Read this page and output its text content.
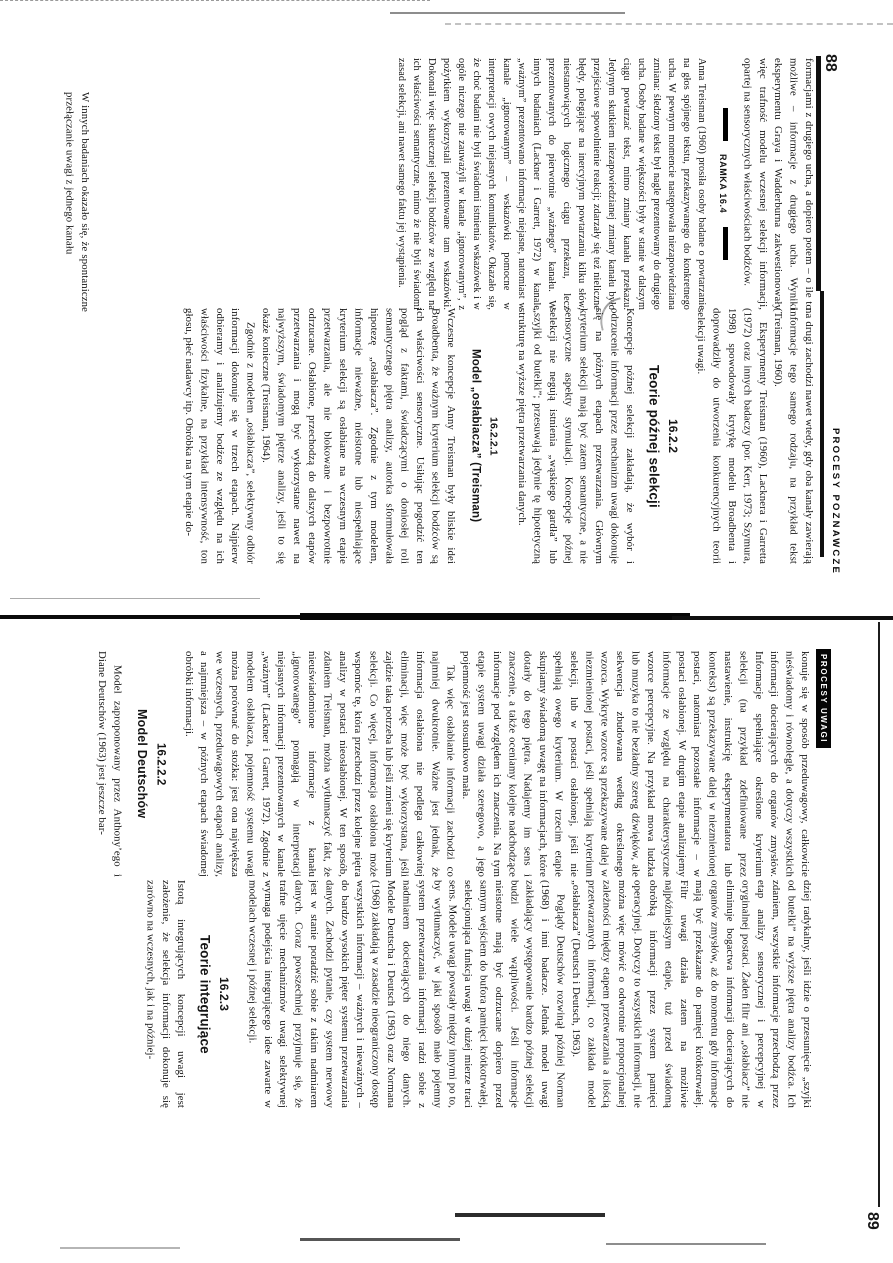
88
PROCESY POZNAWCZE

formacjami z drugiego ucha, a dopiero potem – o ile to możliwe – informacje z drugiego ucha. Wyniki eksperymentu Graya i Wadderburna zakwestionowały więc trafność modelu wczesnej selekcji informacji, opartej na sensorycznych właściwościach bodźców.

RAMKA 16.4

Anna Treisman (1960) prosiła osoby badane o powtarzanie na głos spójnego tekstu, przekazywanego do konkretnego ucha. W pewnym momencie następowała niezapowiedziana zmiana: śledzony tekst był nagle prezentowany do drugiego ucha. Osoby badane w większości były w stanie w dalszym ciągu powtarzać tekst, mimo zmiany kanału przekazu. Jedynym skutkiem niezapowiedzianej zmiany kanału było przejściowe spowolnienie reakcji; zdarzały się też nieliczne błędy, polegające na inercyjnym powtarzaniu kilku słów, niestanowiących logicznego ciągu przekazu, lecz prezentowanych do pierwotnie „ważnego” kanału. W innych badaniach (Lackner i Garrett, 1972) w kanale „ważnym” prezentowano informacje niejasne, natomiast w kanale „ignorowanym” – wskazówki pomocne w interpretacji owych niejasnych komunikatów. Okazało się, że choć badani nie byli świadomi istnienia wskazówek i w ogóle niczego nie zauważyli w kanale „ignorowanym”, z pożytkiem wykorzystali prezentowane tam wskazówki. Dokonali więc skutecznej selekcji bodźców ze względu na ich właściwości semantyczne, mimo że nie byli świadomi zasad selekcji, ani nawet samego faktu jej wystąpienia.

W innych badaniach okazało się, że spontaniczne przełączanie uwagi z jednego kanału

na drugi zachodzi nawet wtedy, gdy oba kanały zawierają informacje tego samego rodzaju, na przykład tekst (Treisman, 1960).

Eksperymenty Treisman (1960), Lacknera i Garretta (1972) oraz innych badaczy (por. Kerr, 1973; Szymura, 1998) spowodowały krytykę modelu Broadbenta i doprowadziły do utworzenia konkurencyjnych teorii selekcji uwagi.

16.2.2
Teorie późnej selekcji

Koncepcje późnej selekcji zakładają, że wybór i odrzucenie informacji przez mechanizm uwagi dokonuje się na późnych etapach przetwarzania. Głównym kryterium selekcji mają być zatem semantyczne, a nie sensoryczne aspekty stymulacji. Koncepcje późnej selekcji nie negują istnienia „wąskiego gardła” lub „szyjki od butelki”; przesuwają jedynie tę hipotetyczną strukturę na wyższe piętra przetwarzania danych.

16.2.2.1
Model „osłabiacza” (Treisman)

Wczesne koncepcje Anny Treisman były bliskie idei Broadbenta, że ważnym kryterium selekcji bodźców są ich właściwości sensoryczne. Usiłując pogodzić ten pogląd z faktami, świadczącymi o doniosłej roli semantycznego piętra analizy, autorka sformułowała hipotezę „osłabiacza”. Zgodnie z tym modelem, informacje nieważne, nieistotne lub niespełniające kryterium selekcji są osłabiane na wczesnym etapie przetwarzania, ale nie blokowane i bezpowrotnie odrzucane. Osłabione, przechodzą do dalszych etapów przetwarzania i mogą być wykorzystane nawet na najwyższym, świadomym piętrze analizy, jeśli to się okaże konieczne (Treisman, 1964).

Zgodnie z modelem „osłabiacza”, selektywny odbiór informacji dokonuje się w trzech etapach. Najpierw odbieramy i analizujemy bodźce ze względu na ich właściwości fizykalne, na przykład intensywność, ton głosu, płeć nadawcy itp. Obróbka na tym etapie do-

89
PROCESY UWAGI

konuje się w sposób przeduwagowy, całkowicie nieświadomy i równolegle, a dotyczy wszystkich informacji docierających do organów zmysłów. Informacje spełniające określone kryterium selekcji (na przykład zdefiniowane przez nastawienie, instrukcję eksperymentatora lub kontekst) są przekazywane dalej w niezmienionej postaci, natomiast pozostałe informacje – w postaci osłabionej. W drugim etapie analizujemy informacje ze względu na charakterystyczne wzorce percepcyjne. Na przykład mowa ludzka lub muzyka to nie bezładny szereg dźwięków, ale sekwencja zbudowana według określonego wzorca. Wykryte wzorce są przekazywane dalej w niezmienionej postaci, jeśli spełniają kryterium selekcji, lub w postaci osłabionej, jeśli nie spełniają owego kryterium. W trzecim etapie skupiamy świadomą uwagę na informacjach, które dotarły do tego piętra. Nadajemy im sens i znaczenie, a także oceniamy kolejne nadchodzące informacje pod względem ich znaczenia. Na tym etapie system uwagi działa szeregowo, a jego pojemność jest stosunkowo mała.

Tak więc osłabianie informacji zachodzi co najmniej dwukrotnie. Ważne jest jednak, że informacja osłabiona nie podlega całkowitej eliminacji, więc może być wykorzystana, jeśli zajdzie taka potrzeba lub jeśli zmieni się kryterium selekcji. Co więcej, informacja osłabiona może wspomóc tę, która przechodzi przez kolejne piętra analizy w postaci nieosłabionej. W ten sposób, zdaniem Treisman, można wytłumaczyć fakt, że nieuświadomione informacje z kanału „ignorowanego” pomagają w interpretacji niejasnych informacji prezentowanych w kanale „ważnym” (Lackner i Garrett, 1972). Zgodnie z modelem osłabiacza, pojemność systemu uwagi można porównać do stożka: jest ona największa we wczesnych, przeduwagowych etapach analizy, a najmniejsza – w późnych etapach świadomej obróbki informacji.

16.2.2.2
Model Deutschów

Model zaproponowany przez Anthony’ego i Diane Deutschów (1963) jest jeszcze bar-

dziej radykalny, jeśli idzie o przesunięcie „szyjki od butelki” na wyższe piętra analizy bodźca. Ich zdaniem, wszystkie informacje przechodzą przez etap analizy sensorycznej i percepcyjnej w oryginalnej postaci. Żaden filtr ani „osłabiacz” nie eliminuje bogactwa informacji docierających do organów zmysłów, aż do momentu gdy informacje mają być przekazane do pamięci krótkotrwałej. Filtr uwagi działa zatem na możliwie najpóźniejszym etapie, tuż przed świadomą obróbką informacji przez system pamięci operacyjnej. Dotyczy to wszystkich informacji, nie można więc mówić o odwrotnie proporcjonalnej zależności między etapem przetwarzania a ilością przetwarzanych informacji, co zakłada model „osłabiacza” (Deutsch i Deutsch, 1963).

Poglądy Deutschów rozwinął później Norman (1968) i inni badacze. Jednak model uwagi zakładający występowanie bardzo późnej selekcji budzi wiele wątpliwości. Jeśli informacje nieistotne mają być odrzucane dopiero przed samym wejściem do bufora pamięci krótkotrwałej, selekcjonująca funkcja uwagi w dużej mierze traci sens. Modele uwagi powstały między innymi po to, by wytłumaczyć, w jaki sposób mało pojemny system przetwarzania informacji radzi sobie z nadmiarem docierających do niego danych. Modele Deutscha i Deutsch (1963) oraz Normana (1968) zakładają w zasadzie nieograniczony dostęp wszystkich informacji – ważnych i nieważnych – do bardzo wysokich pięter systemu przetwarzania danych. Zachodzi pytanie, czy system nerwowy jest w stanie poradzić sobie z takim nadmiarem danych. Coraz powszechniej przyjmuje się, że trafne ujęcie mechanizmów uwagi selektywnej wymaga podejścia integrującego idee zawarte w modelach wczesnej i późnej selekcji.

16.2.3
Teorie integrujące

Istotą integrujących koncepcji uwagi jest założenie, że selekcja informacji dokonuje się zarówno na wczesnych, jak i na później-
